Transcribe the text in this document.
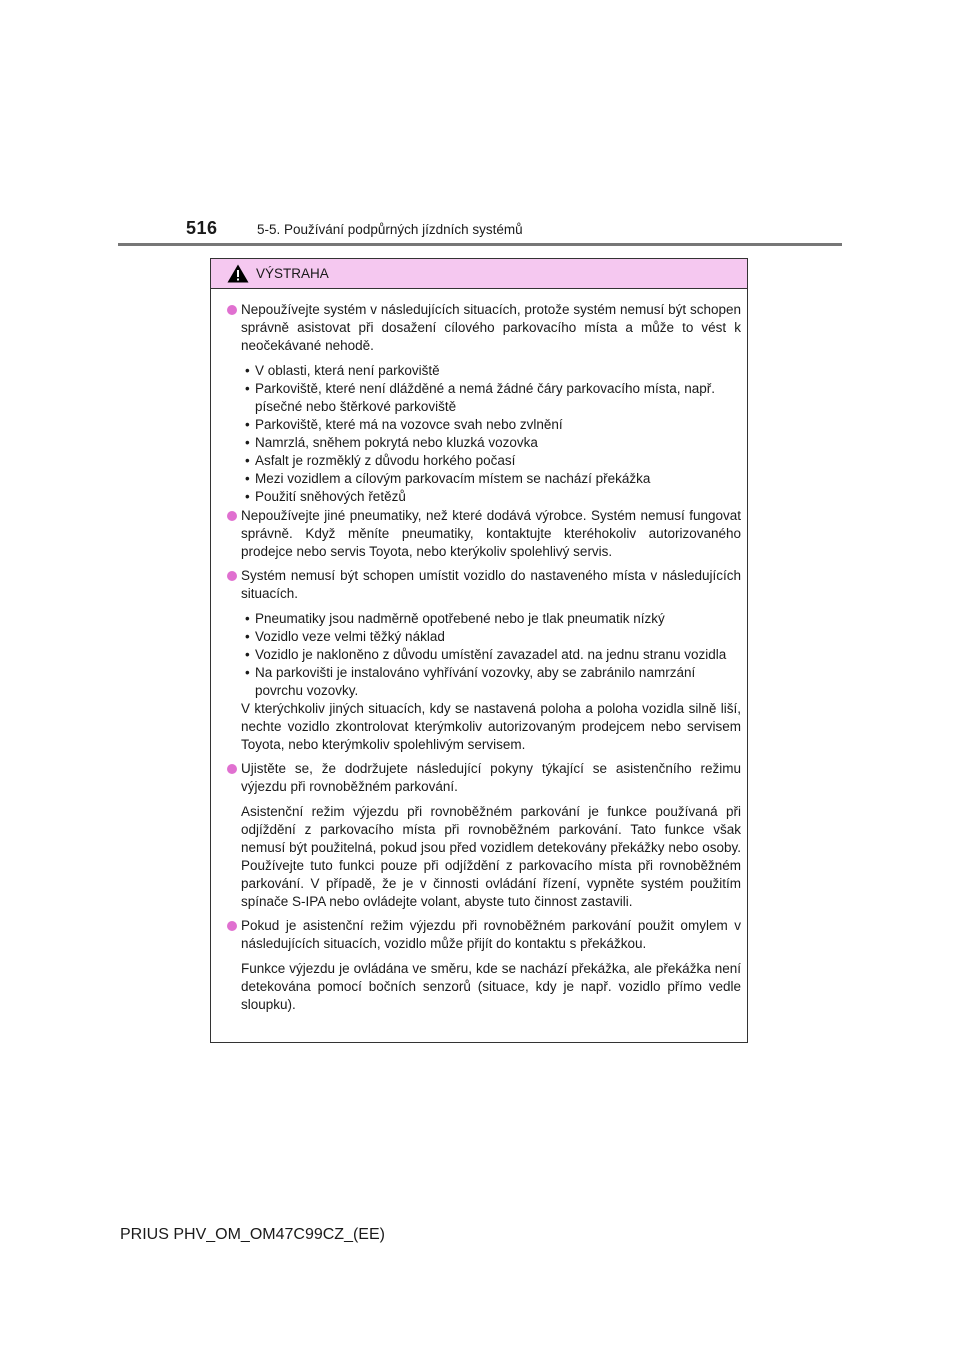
516	5-5. Používání podpůrných jízdních systémů
VÝSTRAHA
Nepoužívejte systém v následujících situacích, protože systém nemusí být schopen správně asistovat při dosažení cílového parkovacího místa a může to vést k neočekávané nehodě.
• V oblasti, která není parkoviště
• Parkoviště, které není dlážděné a nemá žádné čáry parkovacího místa, např. písečné nebo štěrkové parkoviště
• Parkoviště, které má na vozovce svah nebo zvlnění
• Namrzlá, sněhem pokrytá nebo kluzká vozovka
• Asfalt je rozměklý z důvodu horkého počasí
• Mezi vozidlem a cílovým parkovacím místem se nachází překážka
• Použití sněhových řetězů
Nepoužívejte jiné pneumatiky, než které dodává výrobce. Systém nemusí fungovat správně. Když měníte pneumatiky, kontaktujte kteréhokoliv autorizovaného prodejce nebo servis Toyota, nebo kterýkoliv spolehlivý servis.
Systém nemusí být schopen umístit vozidlo do nastaveného místa v následujících situacích.
• Pneumatiky jsou nadměrně opotřebené nebo je tlak pneumatik nízký
• Vozidlo veze velmi těžký náklad
• Vozidlo je nakloněno z důvodu umístění zavazadel atd. na jednu stranu vozidla
• Na parkovišti je instalováno vyhřívání vozovky, aby se zabránilo namrzání povrchu vozovky.
V kterýchkoliv jiných situacích, kdy se nastavená poloha a poloha vozidla silně liší, nechte vozidlo zkontrolovat kterýmkoliv autorizovaným prodejcem nebo servisem Toyota, nebo kterýmkoliv spolehlivým servisem.
Ujistěte se, že dodržujete následující pokyny týkající se asistenčního režimu výjezdu při rovnoběžném parkování.
Asistenční režim výjezdu při rovnoběžném parkování je funkce používaná při odjíždění z parkovacího místa při rovnoběžném parkování. Tato funkce však nemusí být použitelná, pokud jsou před vozidlem detekovány překážky nebo osoby. Používejte tuto funkci pouze při odjíždění z parkovacího místa při rovnoběžném parkování. V případě, že je v činnosti ovládání řízení, vypněte systém použitím spínače S-IPA nebo ovládejte volant, abyste tuto činnost zastavili.
Pokud je asistenční režim výjezdu při rovnoběžném parkování použit omylem v následujících situacích, vozidlo může přijít do kontaktu s překážkou.
Funkce výjezdu je ovládána ve směru, kde se nachází překážka, ale překážka není detekována pomocí bočních senzorů (situace, kdy je např. vozidlo přímo vedle sloupku).
PRIUS PHV_OM_OM47C99CZ_(EE)
